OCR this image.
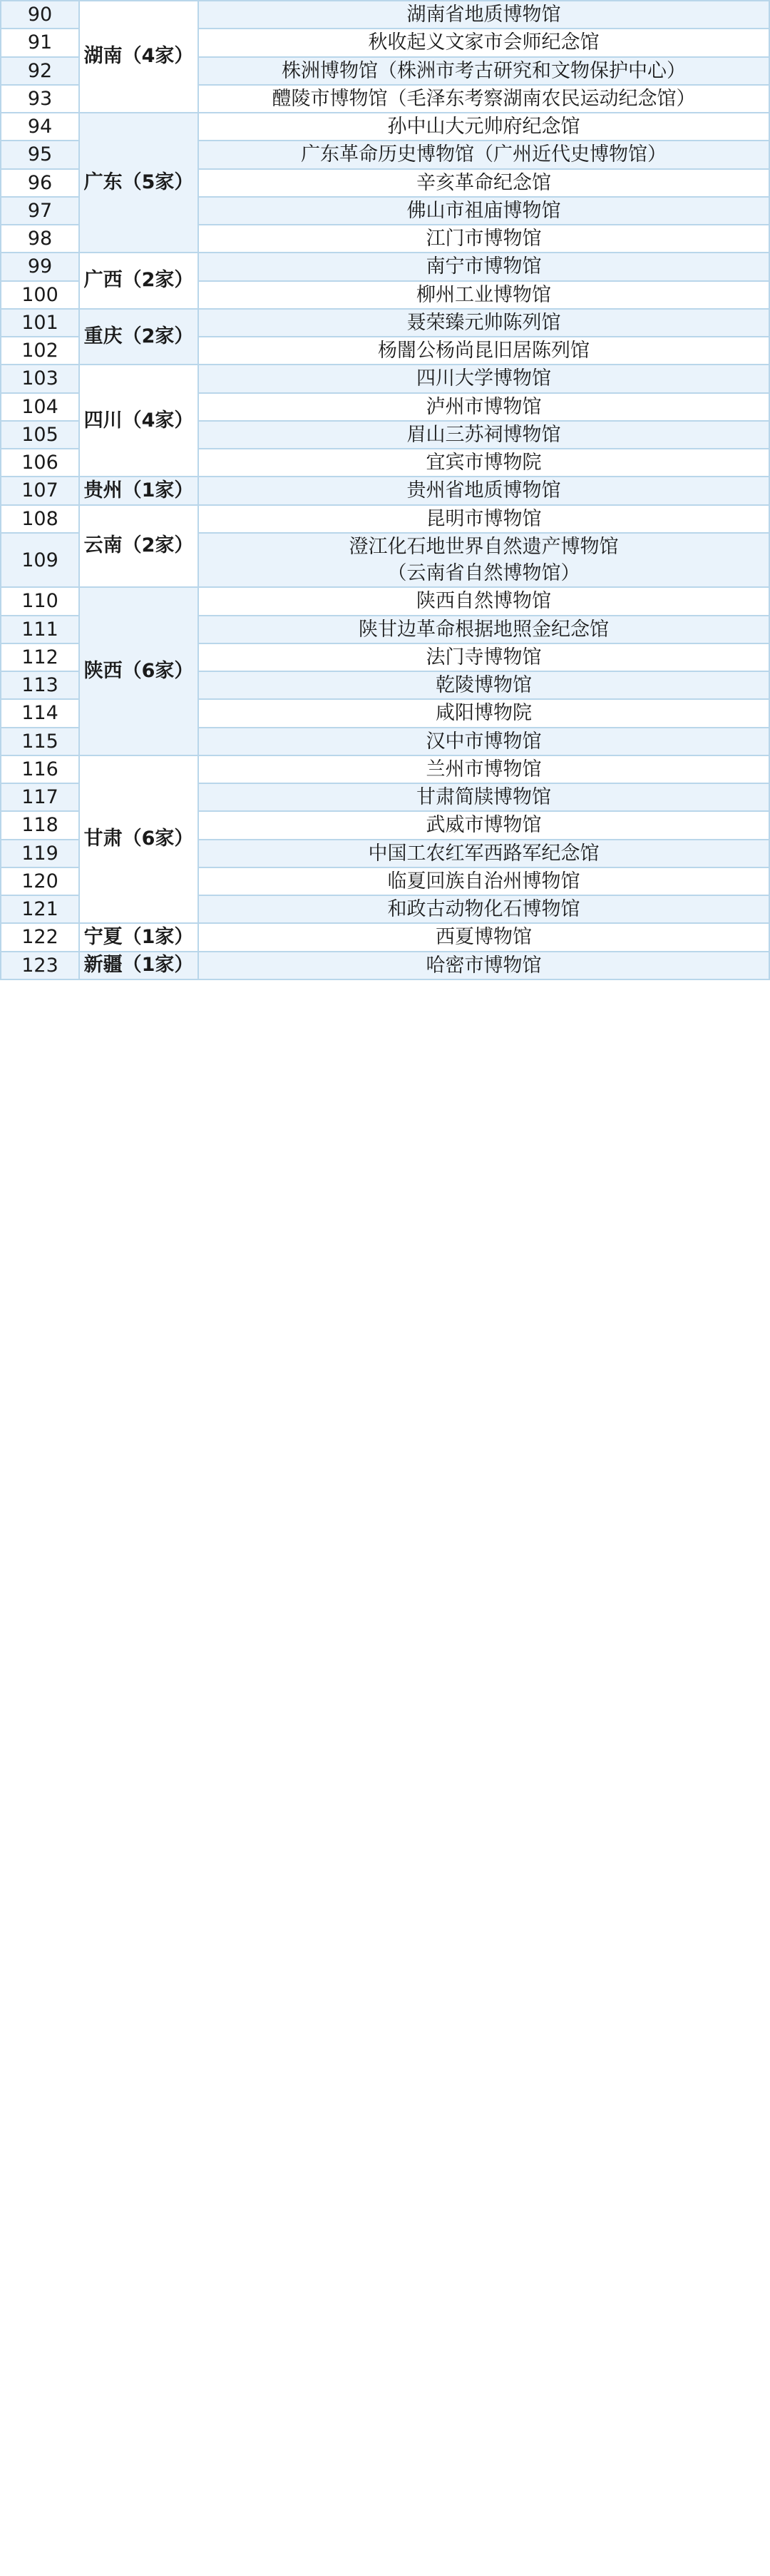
90	湖南（4家）	湖南省地质博物馆

91		秋收起义文家市会师纪念馆

92		株洲博物馆（株洲市考古研究和文物保护中心）

93		醴陵市博物馆（毛泽东考察湖南农民运动纪念馆）

94	广东（5家）	孙中山大元帅府纪念馆

95		广东革命历史博物馆（广州近代史博物馆）

96		辛亥革命纪念馆

97		佛山市祖庙博物馆

98		江门市博物馆

99	广西（2家）	南宁市博物馆

100		柳州工业博物馆

101	重庆（2家）	聂荣臻元帅陈列馆

102		杨闇公杨尚昆旧居陈列馆

103	四川（4家）	四川大学博物馆

104		泸州市博物馆

105		眉山三苏祠博物馆

106		宜宾市博物院

107	贵州（1家）	贵州省地质博物馆

108	云南（2家）	昆明市博物馆

109		澄江化石地世界自然遗产博物馆
（云南省自然博物馆）

110	陕西（6家）	陕西自然博物馆

111		陕甘边革命根据地照金纪念馆

112		法门寺博物馆

113		乾陵博物馆

114		咸阳博物院

115		汉中市博物馆

116	甘肃（6家）	兰州市博物馆

117		甘肃简牍博物馆

118		武威市博物馆

119		中国工农红军西路军纪念馆

120		临夏回族自治州博物馆

121		和政古动物化石博物馆

122	宁夏（1家）	西夏博物馆

123	新疆（1家）	哈密市博物馆
